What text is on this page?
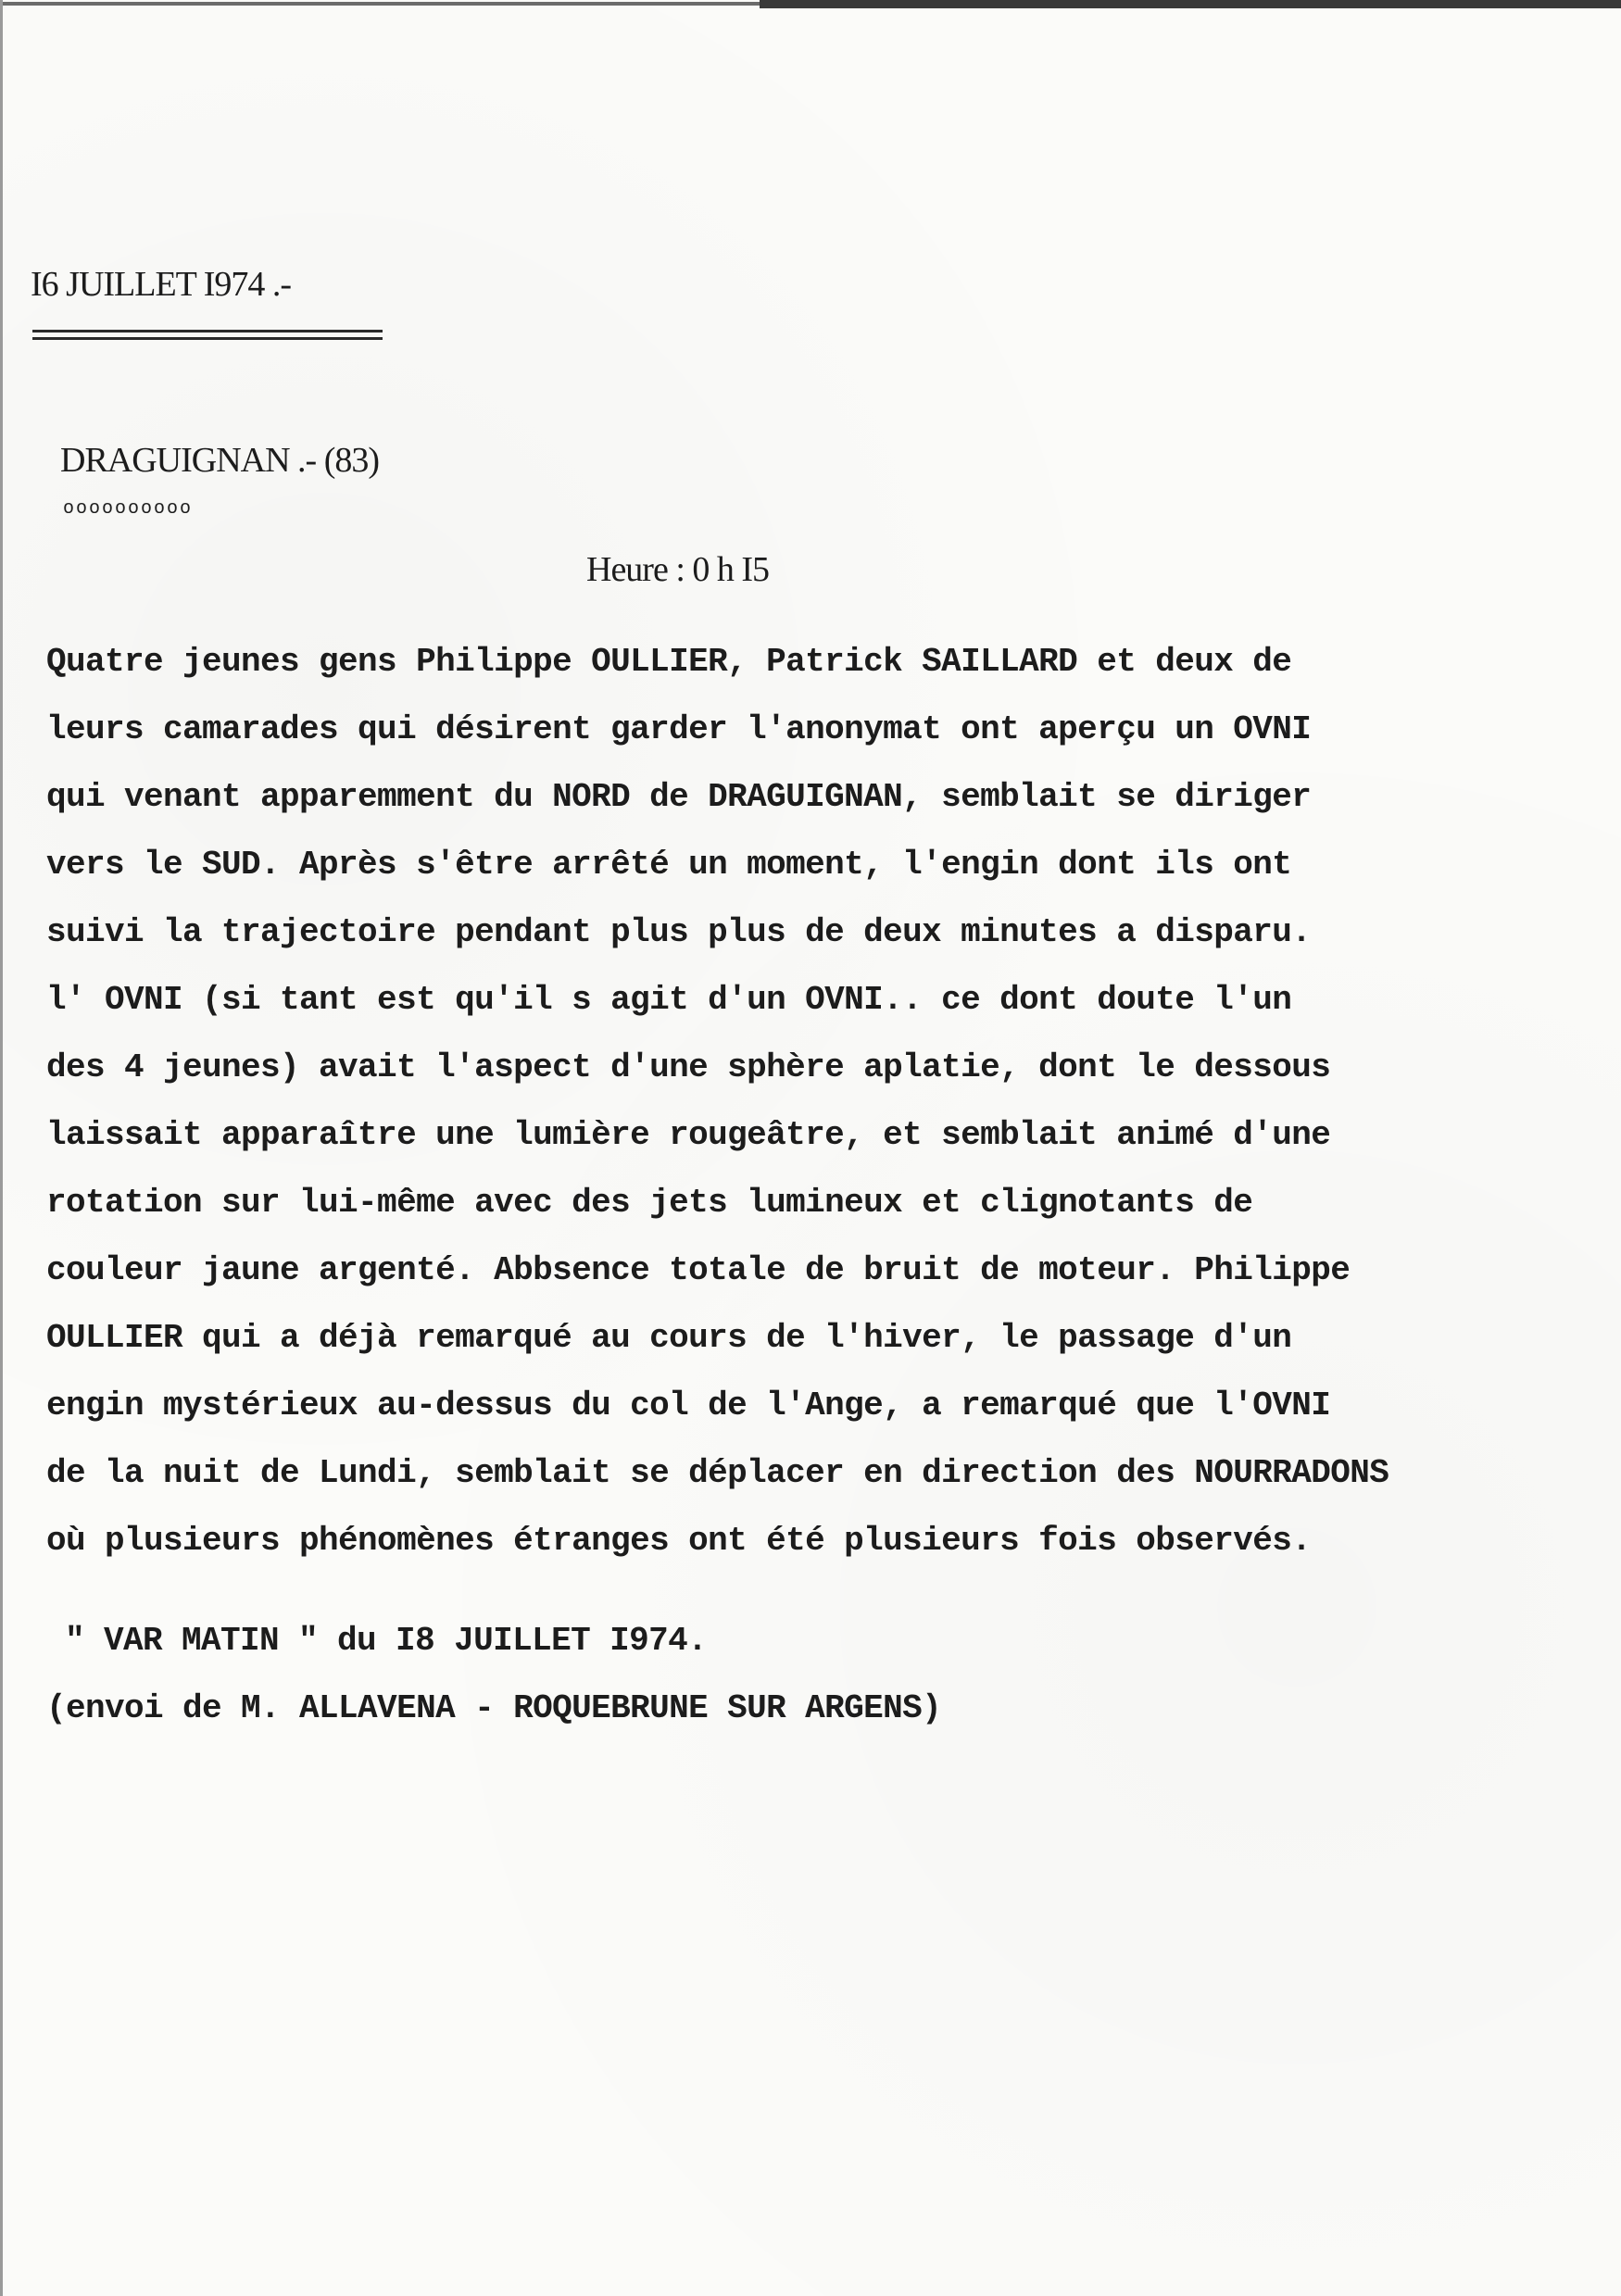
I6 JUILLET I974 .-
DRAGUIGNAN .- (83)
oooooooooo
Heure : 0 h I5
Quatre jeunes gens Philippe OULLIER, Patrick SAILLARD et deux de
leurs camarades qui désirent garder l'anonymat ont aperçu un OVNI
qui venant apparemment du NORD de DRAGUIGNAN, semblait se diriger
vers le SUD. Après s'être arrêté un moment, l'engin dont ils ont
suivi la trajectoire pendant plus plus de deux minutes a disparu.
l' OVNI (si tant est qu'il s agit d'un OVNI.. ce dont doute l'un
des 4 jeunes) avait l'aspect d'une sphère aplatie, dont le dessous
laissait apparaître une lumière rougeâtre, et semblait animé d'une
rotation sur lui-même avec des jets lumineux et clignotants de
couleur jaune argenté. Abbsence totale de bruit de moteur. Philippe
OULLIER qui a déjà remarqué au cours de l'hiver, le passage d'un
engin mystérieux au-dessus du col de l'Ange, a remarqué que l'OVNI
de la nuit de Lundi, semblait se déplacer en direction des NOURRADONS
où plusieurs phénomènes étranges ont été plusieurs fois observés.
" VAR MATIN " du I8 JUILLET I974.
(envoi de M. ALLAVENA - ROQUEBRUNE SUR ARGENS)
